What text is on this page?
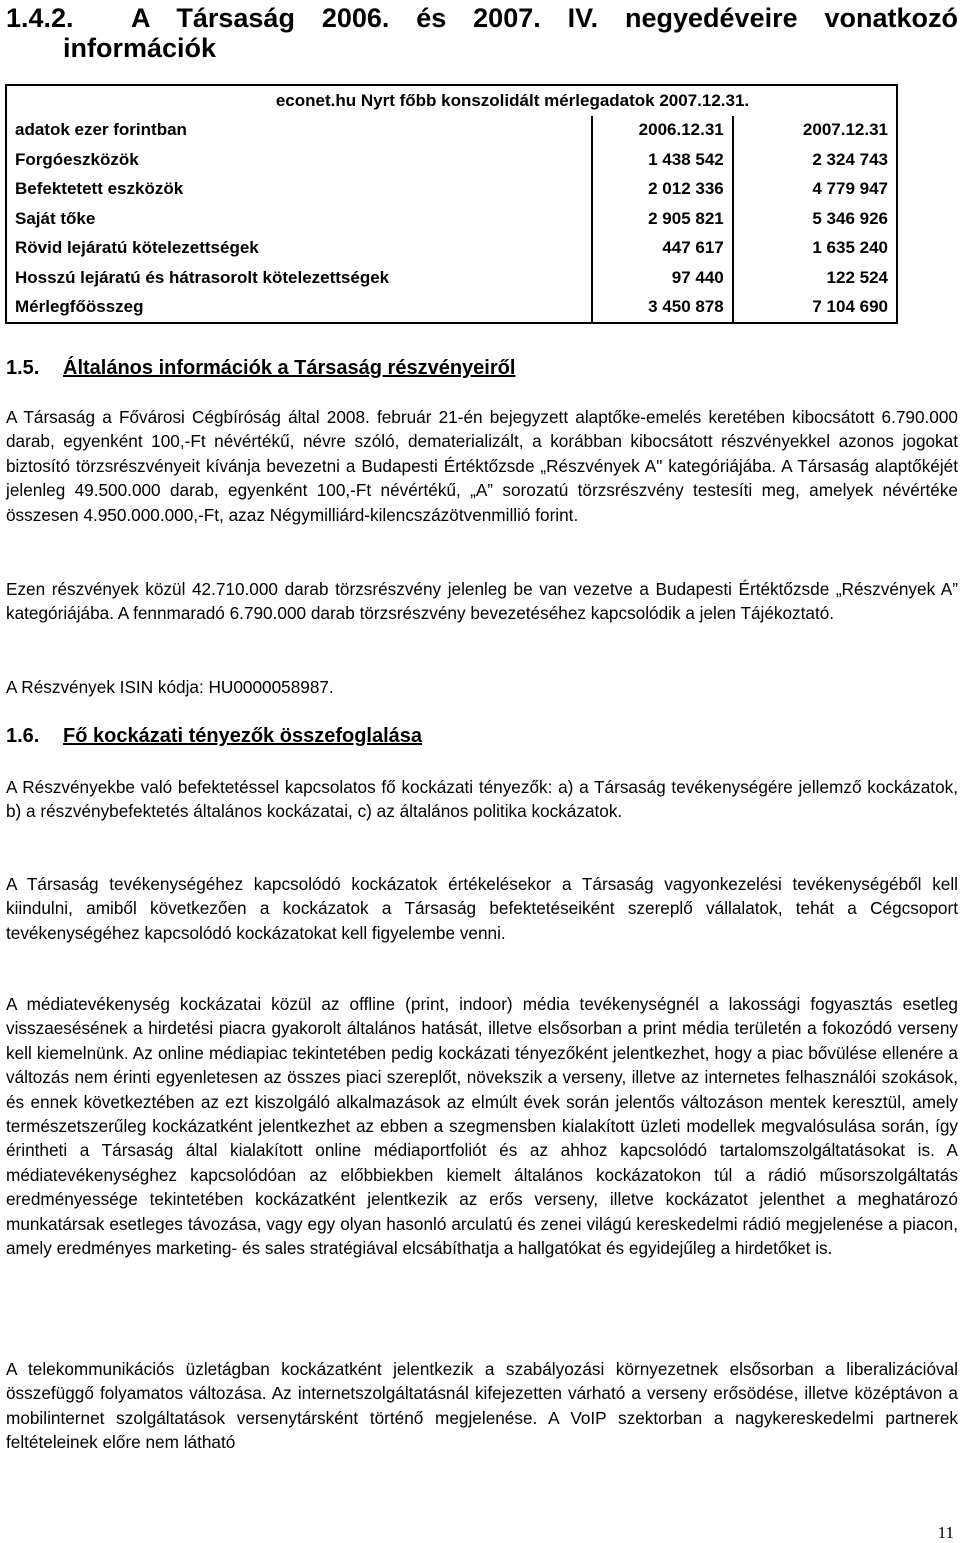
1.4.2. A Társaság 2006. és 2007. IV. negyedéveire vonatkozó
információk
econet.hu Nyrt főbb konszolidált mérlegadatok 2007.12.31.		
adatok ezer forintban	2006.12.31	2007.12.31
Forgóeszközök	1 438 542	2 324 743
Befektetett eszközök	2 012 336	4 779 947
Saját tőke	2 905 821	5 346 926
Rövid lejáratú kötelezettségek	447 617	1 635 240
Hosszú lejáratú és hátrasorolt kötelezettségek	97 440	122 524
Mérlegfőösszeg	3 450 878	7 104 690
1.5. Általános információk a Társaság részvényeiről

A Társaság a Fővárosi Cégbíróság által 2008. február 21-én bejegyzett alaptőke-emelés keretében kibocsátott 6.790.000 darab, egyenként 100,-Ft névértékű, névre szóló, dematerializált, a korábban kibocsátott részvényekkel azonos jogokat biztosító törzsrészvényeit kívánja bevezetni a Budapesti Értéktőzsde „Részvények A" kategóriájába. A Társaság alaptőkéjét jelenleg 49.500.000 darab, egyenként 100,-Ft névértékű, „A” sorozatú törzsrészvény testesíti meg, amelyek névértéke összesen 4.950.000.000,-Ft, azaz Négymilliárd-kilencszázötvenmillió forint.

Ezen részvények közül 42.710.000 darab törzsrészvény jelenleg be van vezetve a Budapesti Értéktőzsde „Részvények A” kategóriájába. A fennmaradó 6.790.000 darab törzsrészvény bevezetéséhez kapcsolódik a jelen Tájékoztató.

A Részvények ISIN kódja: HU0000058987.

1.6. Fő kockázati tényezők összefoglalása

A Részvényekbe való befektetéssel kapcsolatos fő kockázati tényezők: a) a Társaság tevékenységére jellemző kockázatok, b) a részvénybefektetés általános kockázatai, c) az általános politika kockázatok.

A Társaság tevékenységéhez kapcsolódó kockázatok értékelésekor a Társaság vagyonkezelési tevékenységéből kell kiindulni, amiből következően a kockázatok a Társaság befektetéseiként szereplő vállalatok, tehát a Cégcsoport tevékenységéhez kapcsolódó kockázatokat kell figyelembe venni.

A médiatevékenység kockázatai közül az offline (print, indoor) média tevékenységnél a lakossági fogyasztás esetleg visszaesésének a hirdetési piacra gyakorolt általános hatását, illetve elsősorban a print média területén a fokozódó verseny kell kiemelnünk. Az online médiapiac tekintetében pedig kockázati tényezőként jelentkezhet, hogy a piac bővülése ellenére a változás nem érinti egyenletesen az összes piaci szereplőt, növekszik a verseny, illetve az internetes felhasználói szokások, és ennek következtében az ezt kiszolgáló alkalmazások az elmúlt évek során jelentős változáson mentek keresztül, amely természetszerűleg kockázatként jelentkezhet az ebben a szegmensben kialakított üzleti modellek megvalósulása során, így érintheti a Társaság által kialakított online médiaportfoliót és az ahhoz kapcsolódó tartalomszolgáltatásokat is. A médiatevékenységhez kapcsolódóan az előbbiekben kiemelt általános kockázatokon túl a rádió műsorszolgáltatás eredményessége tekintetében kockázatként jelentkezik az erős verseny, illetve kockázatot jelenthet a meghatározó munkatársak esetleges távozása, vagy egy olyan hasonló arculatú és zenei világú kereskedelmi rádió megjelenése a piacon, amely eredményes marketing- és sales stratégiával elcsábíthatja a hallgatókat és egyidejűleg a hirdetőket is.

A telekommunikációs üzletágban kockázatként jelentkezik a szabályozási környezetnek elsősorban a liberalizációval összefüggő folyamatos változása. Az internetszolgáltatásnál kifejezetten várható a verseny erősödése, illetve középtávon a mobilinternet szolgáltatások versenytársként történő megjelenése. A VoIP szektorban a nagykereskedelmi partnerek feltételeinek előre nem látható

11
